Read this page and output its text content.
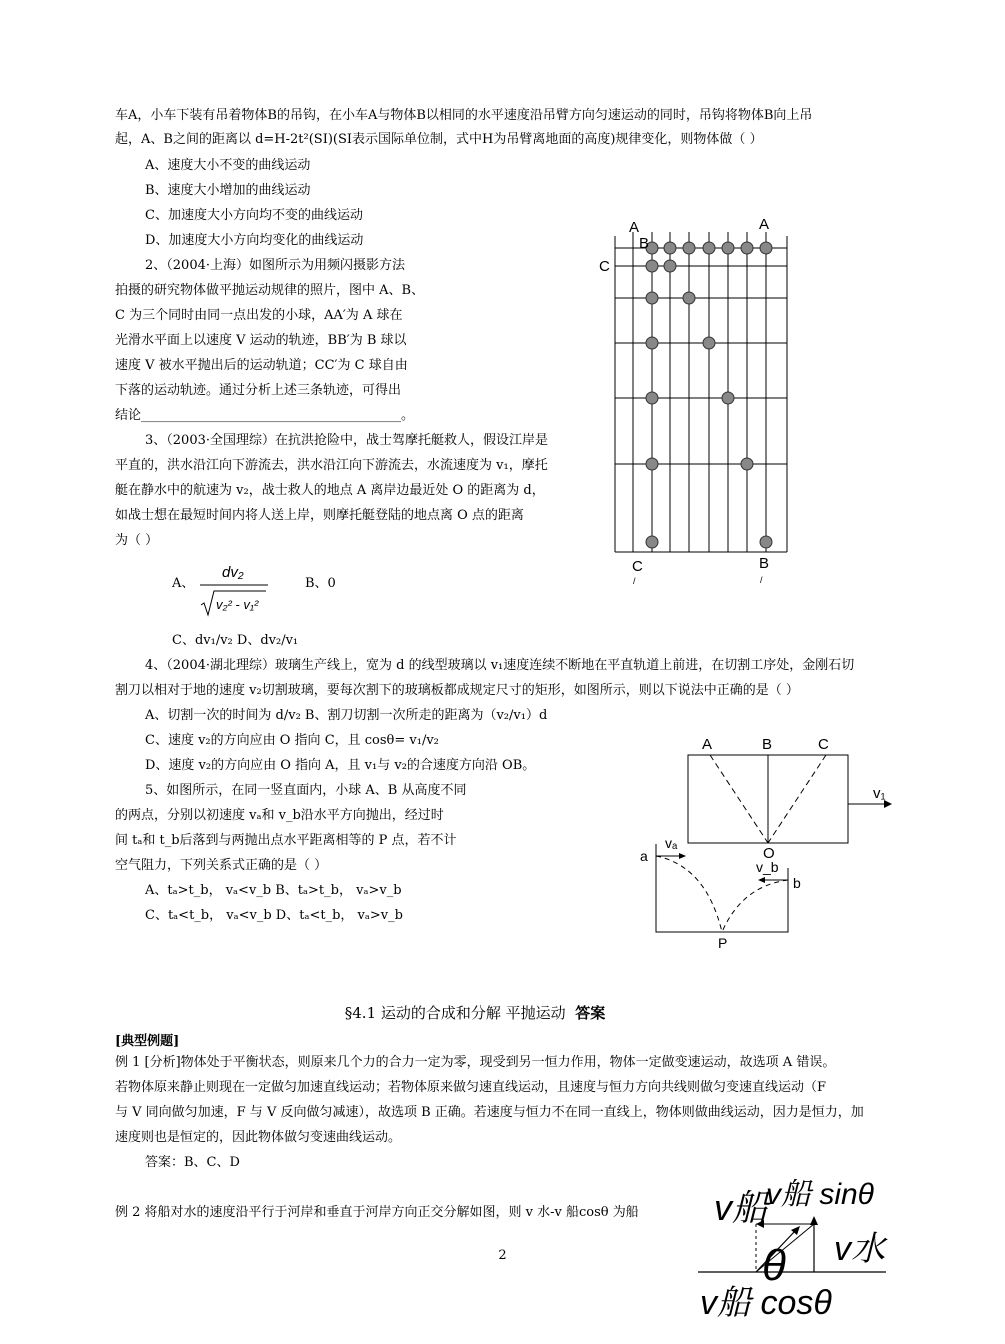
车A，小车下装有吊着物体B的吊钩，在小车A与物体B以相同的水平速度沿吊臂方向匀速运动的同时，吊钩将物体B向上吊
起，A、B之间的距离以 d=H-2t²(SI)(SI表示国际单位制，式中H为吊臂离地面的高度)规律变化，则物体做（ ）
A、速度大小不变的曲线运动
B、速度大小增加的曲线运动
C、加速度大小方向均不变的曲线运动
D、加速度大小方向均变化的曲线运动
2、（2004·上海）如图所示为用频闪摄影方法
拍摄的研究物体做平抛运动规律的照片，图中 A、B、
C 为三个同时由同一点出发的小球，AA′为 A 球在
光滑水平面上以速度 V 运动的轨迹，BB′为 B 球以
速度 V 被水平抛出后的运动轨道；CC′为 C 球自由
下落的运动轨迹。通过分析上述三条轨迹，可得出
结论________________________________________。
3、（2003·全国理综）在抗洪抢险中，战士驾摩托艇救人，假设江岸是
平直的，洪水沿江向下游流去，洪水沿江向下游流去，水流速度为 v₁，摩托
艇在静水中的航速为 v₂，战士救人的地点 A 离岸边最近处 O 的距离为 d，
如战士想在最短时间内将人送上岸，则摩托艇登陆的地点离 O 点的距离
为（ ）
A、
dv₂
v₂² - v₁²
B、0
C、dv₁/v₂ D、dv₂/v₁
4、（2004·湖北理综）玻璃生产线上，宽为 d 的线型玻璃以 v₁速度连续不断地在平直轨道上前进，在切割工序处，金刚石切
割刀以相对于地的速度 v₂切割玻璃，要每次割下的玻璃板都成规定尺寸的矩形，如图所示，则以下说法中正确的是（ ）
A、切割一次的时间为 d/v₂ B、割刀切割一次所走的距离为（v₂/v₁）d
C、速度 v₂的方向应由 O 指向 C，且 cosθ= v₁/v₂
D、速度 v₂的方向应由 O 指向 A，且 v₁与 v₂的合速度方向沿 OB。
5、如图所示，在同一竖直面内，小球 A、B 从高度不同
的两点，分别以初速度 vₐ和 v_b沿水平方向抛出，经过时
间 tₐ和 t_b后落到与两抛出点水平距离相等的 P 点，若不计
空气阻力，下列关系式正确的是（ ）
A、tₐ>t_b， vₐ<v_b B、tₐ>t_b， vₐ>v_b
C、tₐ<t_b， vₐ<v_b D、tₐ<t_b， vₐ>v_b
A	A
B
C
C
/
B
/
A	B	C
O
v₁
vₐ
a
v_b
b
P
§4.1 运动的合成和分解 平抛运动 答案
[典型例题]
例 1 [分析]物体处于平衡状态，则原来几个力的合力一定为零，现受到另一恒力作用，物体一定做变速运动，故选项 A 错误。
若物体原来静止则现在一定做匀加速直线运动；若物体原来做匀速直线运动，且速度与恒力方向共线则做匀变速直线运动（F
与 V 同向做匀加速，F 与 V 反向做匀减速），故选项 B 正确。若速度与恒力不在同一直线上，物体则做曲线运动，因力是恒力，加
速度则也是恒定的，因此物体做匀变速曲线运动。
答案：B、C、D
例 2 将船对水的速度沿平行于河岸和垂直于河岸方向正交分解如图，则 v 水-v 船cosθ 为船
2
v船
v船 sinθ
θ v水
v船 cosθ
